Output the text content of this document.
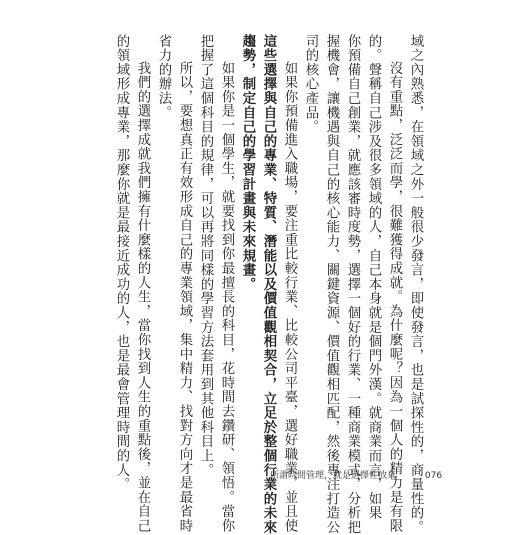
域之內熟悉，在領域之外一般很少發言，即使發言，也是試探性的，商量性的。
沒有重點，泛泛而學，很難獲得成就。為什麼呢？因為一個人的精力是有限
的。聲稱自己涉及很多領域的人，自己本身就是個門外漢。就商業而言，如果
你預備自己創業，就應該審時度勢，選擇一個好的行業、一種商業模式，分析把
握機會，讓機遇與自己的核心能力、關鍵資源、價值觀相匹配，然後專注打造公
司的核心產品。
如果你預備進入職場，要注重比較行業、比較公司平臺，選好職業，並且使
這些選擇與自己的專業、特質、潛能以及價值觀相契合，立足於整個行業的未來
趨勢，制定自己的學習計畫與未來規畫。
如果你是一個學生，就要找到你最擅長的科目，花時間去鑽研、領悟。當你
把握了這個科目的規律，可以再將同樣的學習方法套用到其他科目上。
所以，要想真正有效形成自己的專業領域，集中精力、找對方向才是最省時
省力的辦法。
我們的選擇成就我們擁有什麼樣的人生，當你找到人生的重點後，並在自己
的領域形成專業，那麼你就是最接近成功的人，也是最會管理時間的人。	所謂時間管理，就是選擇性放棄	076
